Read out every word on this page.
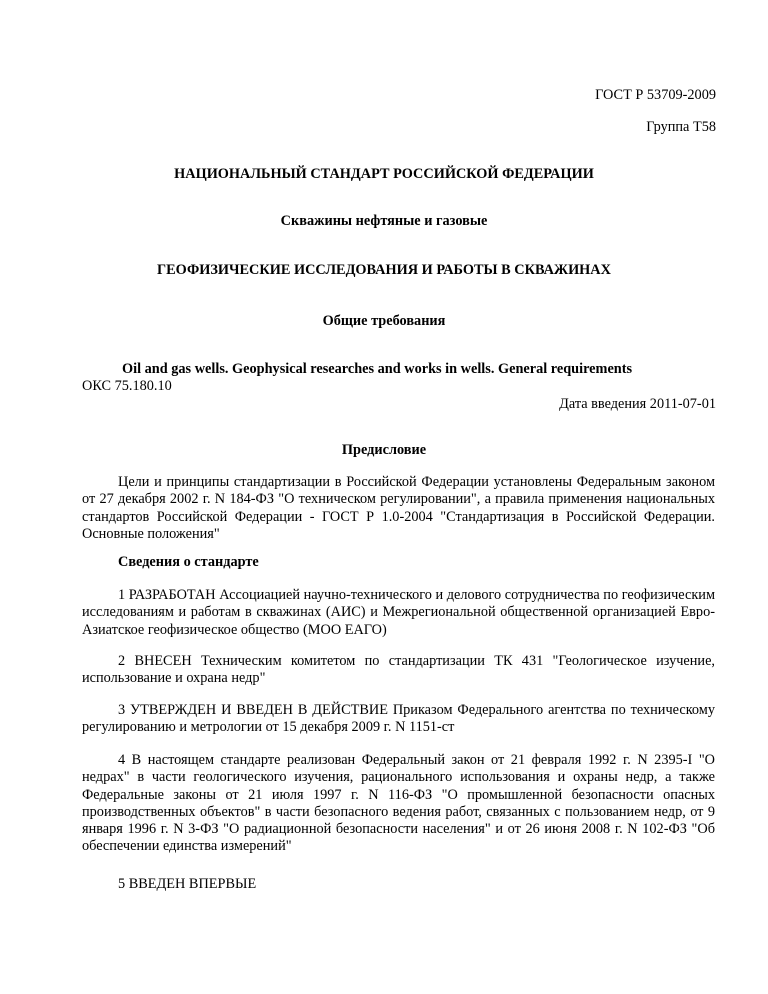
ГОСТ Р 53709-2009
Группа Т58
НАЦИОНАЛЬНЫЙ СТАНДАРТ РОССИЙСКОЙ ФЕДЕРАЦИИ
Скважины нефтяные и газовые
ГЕОФИЗИЧЕСКИЕ ИССЛЕДОВАНИЯ И РАБОТЫ В СКВАЖИНАХ
Общие требования
Oil and gas wells. Geophysical researches and works in wells. General requirements
ОКС 75.180.10
Дата введения 2011-07-01
Предисловие
Цели и принципы стандартизации в Российской Федерации установлены Федеральным законом от 27 декабря 2002 г. N 184-ФЗ "О техническом регулировании", а правила применения национальных стандартов Российской Федерации - ГОСТ Р 1.0-2004 "Стандартизация в Российской Федерации. Основные положения"
Сведения о стандарте
1 РАЗРАБОТАН Ассоциацией научно-технического и делового сотрудничества по геофизическим исследованиям и работам в скважинах (АИС) и Межрегиональной общественной организацией Евро-Азиатское геофизическое общество (МОО ЕАГО)
2 ВНЕСЕН Техническим комитетом по стандартизации ТК 431 "Геологическое изучение, использование и охрана недр"
3 УТВЕРЖДЕН И ВВЕДЕН В ДЕЙСТВИЕ Приказом Федерального агентства по техническому регулированию и метрологии от 15 декабря 2009 г. N 1151-ст
4 В настоящем стандарте реализован Федеральный закон от 21 февраля 1992 г. N 2395-I "О недрах" в части геологического изучения, рационального использования и охраны недр, а также Федеральные законы от 21 июля 1997 г. N 116-ФЗ "О промышленной безопасности опасных производственных объектов" в части безопасного ведения работ, связанных с пользованием недр, от 9 января 1996 г. N 3-ФЗ "О радиационной безопасности населения" и от 26 июня 2008 г. N 102-ФЗ "Об обеспечении единства измерений"
5 ВВЕДЕН ВПЕРВЫЕ
